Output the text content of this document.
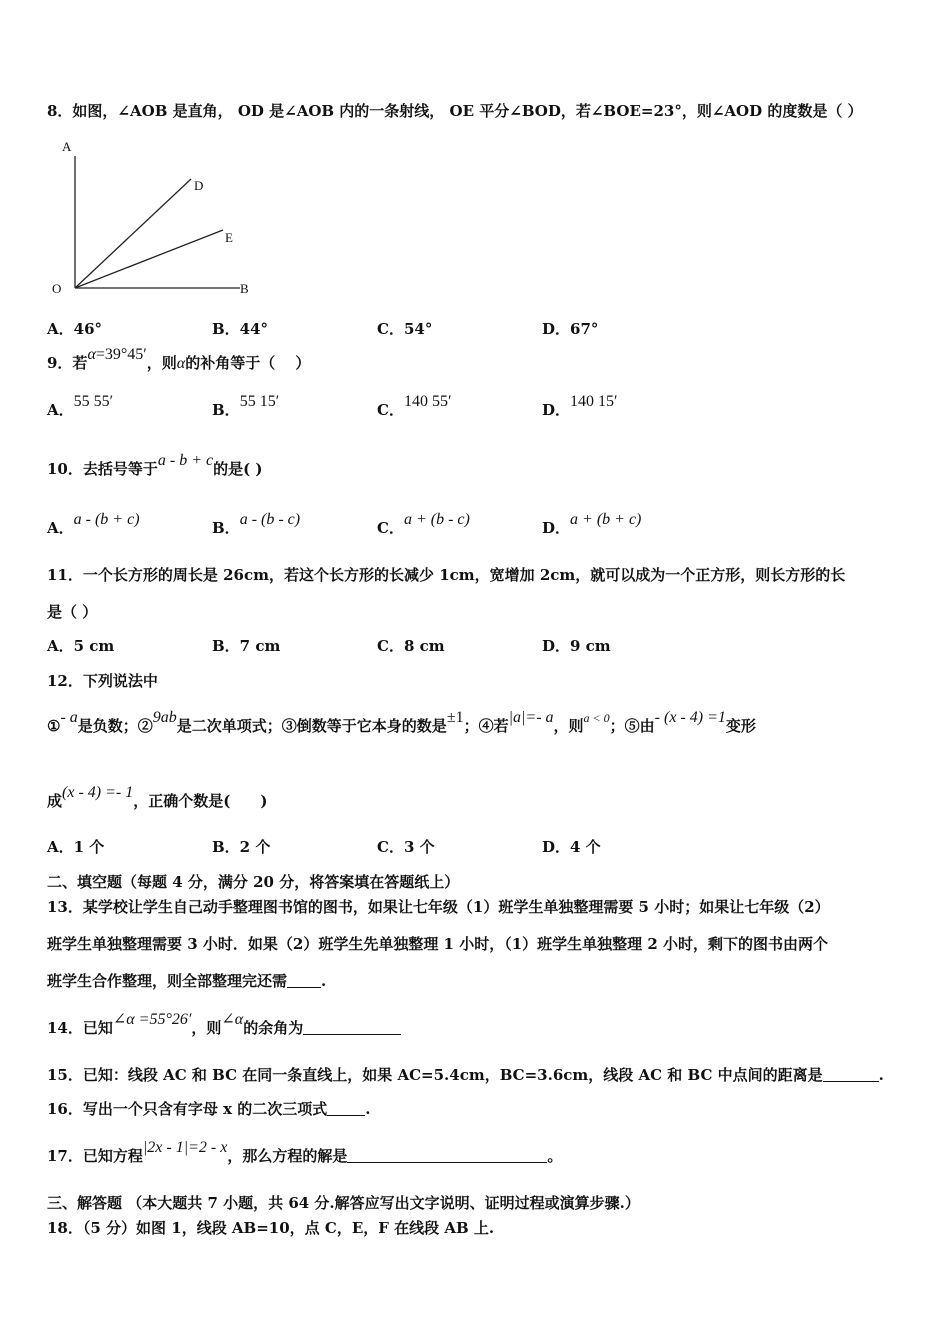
8．如图，∠AOB 是直角， OD 是∠AOB 内的一条射线， OE 平分∠BOD，若∠BOE=23°，则∠AOD 的度数是（ ）
A
D
E
O	B
A．46°	B．44°	C．54°	D．67°
9．若α=39°45′，则α的补角等于（　 ）
A．55 55′	B．55 15′	C．140 55′	D．140 15′
10．去括号等于a - b + c的是( )
A．a - (b + c)	B．a - (b - c)	C．a + (b - c)	D．a + (b + c)
11．一个长方形的周长是 26cm，若这个长方形的长减少 1cm，宽增加 2cm，就可以成为一个正方形，则长方形的长
是（ ）
A．5 cm	B．7 cm	C．8 cm	D．9 cm
12．下列说法中
①- a是负数；②9ab是二次单项式；③倒数等于它本身的数是±1；④若|a|=- a，则$^{a < 0}$；⑤由- (x - 4) =1变形
成(x - 4) =- 1，正确个数是(　　)
A．1 个	B．2 个	C．3 个	D．4 个
二、填空题（每题 4 分，满分 20 分，将答案填在答题纸上）
13．某学校让学生自己动手整理图书馆的图书，如果让七年级（1）班学生单独整理需要 5 小时；如果让七年级（2）
班学生单独整理需要 3 小时．如果（2）班学生先单独整理 1 小时，（1）班学生单独整理 2 小时，剩下的图书由两个
班学生合作整理，则全部整理完还需 .
14．已知∠α =55°26′，则∠α的余角为
15．已知：线段 AC 和 BC 在同一条直线上，如果 AC=5.4cm，BC=3.6cm，线段 AC 和 BC 中点间的距离是	.
16．写出一个只含有字母 x 的二次三项式	.
17．已知方程|2x - 1|=2 - x，那么方程的解是	。
三、解答题 （本大题共 7 小题，共 64 分.解答应写出文字说明、证明过程或演算步骤.）
18．（5 分）如图 1，线段 AB=10，点 C，E，F 在线段 AB 上.
